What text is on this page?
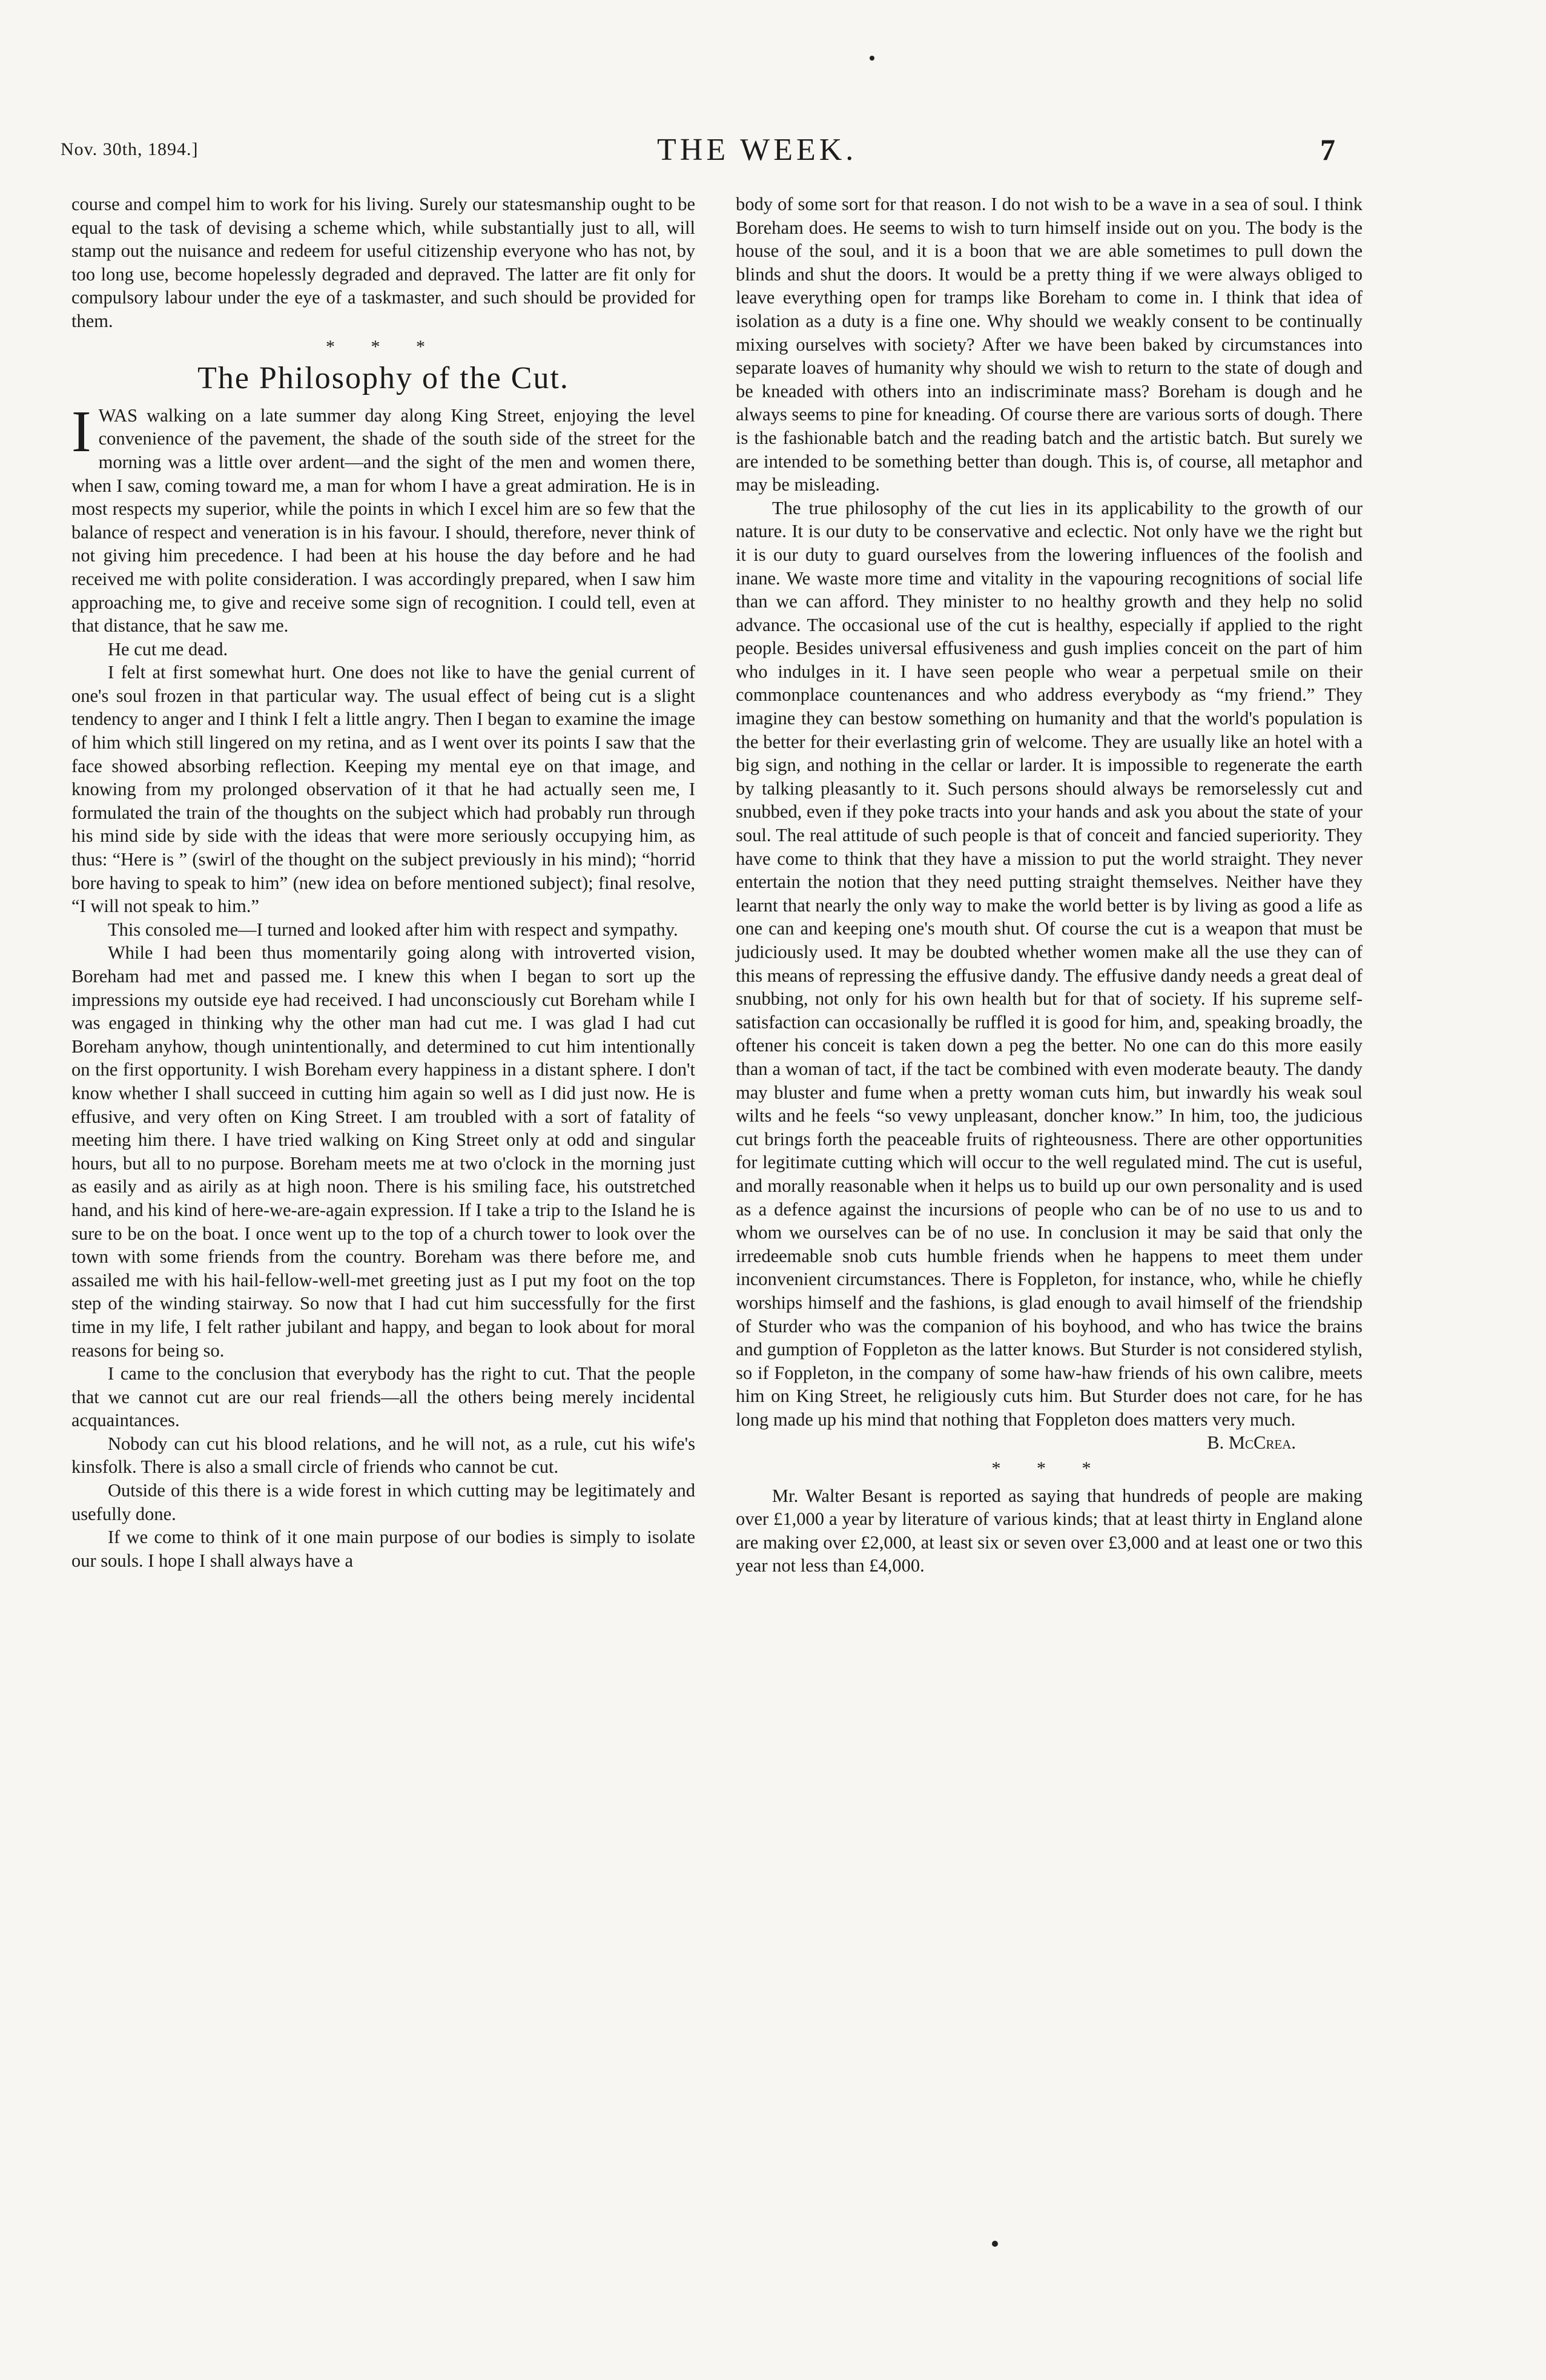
Nov. 30th, 1894.]	THE WEEK.	7

course and compel him to work for his living. Surely our statesmanship ought to be equal to the task of devising a scheme which, while substantially just to all, will stamp out the nuisance and redeem for useful citizenship everyone who has not, by too long use, become hopelessly degraded and depraved. The latter are fit only for compulsory labour under the eye of a taskmaster, and such should be provided for them.

* * *
The Philosophy of the Cut.

IWAS walking on a late summer day along King Street, enjoying the level convenience of the pavement, the shade of the south side of the street for the morning was a little over ardent—and the sight of the men and women there, when I saw, coming toward me, a man for whom I have a great admiration. He is in most respects my superior, while the points in which I excel him are so few that the balance of respect and veneration is in his favour. I should, therefore, never think of not giving him precedence. I had been at his house the day before and he had received me with polite consideration. I was accordingly prepared, when I saw him approaching me, to give and receive some sign of recognition. I could tell, even at that distance, that he saw me.

He cut me dead.

I felt at first somewhat hurt. One does not like to have the genial current of one's soul frozen in that particular way. The usual effect of being cut is a slight tendency to anger and I think I felt a little angry. Then I began to examine the image of him which still lingered on my retina, and as I went over its points I saw that the face showed absorbing reflection. Keeping my mental eye on that image, and knowing from my prolonged observation of it that he had actually seen me, I formulated the train of the thoughts on the subject which had probably run through his mind side by side with the ideas that were more seriously occupying him, as thus: “Here is ” (swirl of the thought on the subject previously in his mind); “horrid bore having to speak to him” (new idea on before mentioned subject); final resolve, “I will not speak to him.”

This consoled me—I turned and looked after him with respect and sympathy.

While I had been thus momentarily going along with introverted vision, Boreham had met and passed me. I knew this when I began to sort up the impressions my outside eye had received. I had unconsciously cut Boreham while I was engaged in thinking why the other man had cut me. I was glad I had cut Boreham anyhow, though unintentionally, and determined to cut him intentionally on the first opportunity. I wish Boreham every happiness in a distant sphere. I don't know whether I shall succeed in cutting him again so well as I did just now. He is effusive, and very often on King Street. I am troubled with a sort of fatality of meeting him there. I have tried walking on King Street only at odd and singular hours, but all to no purpose. Boreham meets me at two o'clock in the morning just as easily and as airily as at high noon. There is his smiling face, his outstretched hand, and his kind of here-we-are-again expression. If I take a trip to the Island he is sure to be on the boat. I once went up to the top of a church tower to look over the town with some friends from the country. Boreham was there before me, and assailed me with his hail-fellow-well-met greeting just as I put my foot on the top step of the winding stairway. So now that I had cut him successfully for the first time in my life, I felt rather jubilant and happy, and began to look about for moral reasons for being so.

I came to the conclusion that everybody has the right to cut. That the people that we cannot cut are our real friends—all the others being merely incidental acquaintances.

Nobody can cut his blood relations, and he will not, as a rule, cut his wife's kinsfolk. There is also a small circle of friends who cannot be cut.

Outside of this there is a wide forest in which cutting may be legitimately and usefully done.

If we come to think of it one main purpose of our bodies is simply to isolate our souls. I hope I shall always have a

body of some sort for that reason. I do not wish to be a wave in a sea of soul. I think Boreham does. He seems to wish to turn himself inside out on you. The body is the house of the soul, and it is a boon that we are able sometimes to pull down the blinds and shut the doors. It would be a pretty thing if we were always obliged to leave everything open for tramps like Boreham to come in. I think that idea of isolation as a duty is a fine one. Why should we weakly consent to be continually mixing ourselves with society? After we have been baked by circumstances into separate loaves of humanity why should we wish to return to the state of dough and be kneaded with others into an indiscriminate mass? Boreham is dough and he always seems to pine for kneading. Of course there are various sorts of dough. There is the fashionable batch and the reading batch and the artistic batch. But surely we are intended to be something better than dough. This is, of course, all metaphor and may be misleading.

The true philosophy of the cut lies in its applicability to the growth of our nature. It is our duty to be conservative and eclectic. Not only have we the right but it is our duty to guard ourselves from the lowering influences of the foolish and inane. We waste more time and vitality in the vapouring recognitions of social life than we can afford. They minister to no healthy growth and they help no solid advance. The occasional use of the cut is healthy, especially if applied to the right people. Besides universal effusiveness and gush implies conceit on the part of him who indulges in it. I have seen people who wear a perpetual smile on their commonplace countenances and who address everybody as “my friend.” They imagine they can bestow something on humanity and that the world's population is the better for their everlasting grin of welcome. They are usually like an hotel with a big sign, and nothing in the cellar or larder. It is impossible to regenerate the earth by talking pleasantly to it. Such persons should always be remorselessly cut and snubbed, even if they poke tracts into your hands and ask you about the state of your soul. The real attitude of such people is that of conceit and fancied superiority. They have come to think that they have a mission to put the world straight. They never entertain the notion that they need putting straight themselves. Neither have they learnt that nearly the only way to make the world better is by living as good a life as one can and keeping one's mouth shut. Of course the cut is a weapon that must be judiciously used. It may be doubted whether women make all the use they can of this means of repressing the effusive dandy. The effusive dandy needs a great deal of snubbing, not only for his own health but for that of society. If his supreme self-satisfaction can occasionally be ruffled it is good for him, and, speaking broadly, the oftener his conceit is taken down a peg the better. No one can do this more easily than a woman of tact, if the tact be combined with even moderate beauty. The dandy may bluster and fume when a pretty woman cuts him, but inwardly his weak soul wilts and he feels “so vewy unpleasant, doncher know.” In him, too, the judicious cut brings forth the peaceable fruits of righteousness. There are other opportunities for legitimate cutting which will occur to the well regulated mind. The cut is useful, and morally reasonable when it helps us to build up our own personality and is used as a defence against the incursions of people who can be of no use to us and to whom we ourselves can be of no use. In conclusion it may be said that only the irredeemable snob cuts humble friends when he happens to meet them under inconvenient circumstances. There is Foppleton, for instance, who, while he chiefly worships himself and the fashions, is glad enough to avail himself of the friendship of Sturder who was the companion of his boyhood, and who has twice the brains and gumption of Foppleton as the latter knows. But Sturder is not considered stylish, so if Foppleton, in the company of some haw-haw friends of his own calibre, meets him on King Street, he religiously cuts him. But Sturder does not care, for he has long made up his mind that nothing that Foppleton does matters very much.

B. McCrea.

* * *

Mr. Walter Besant is reported as saying that hundreds of people are making over £1,000 a year by literature of various kinds; that at least thirty in England alone are making over £2,000, at least six or seven over £3,000 and at least one or two this year not less than £4,000.
